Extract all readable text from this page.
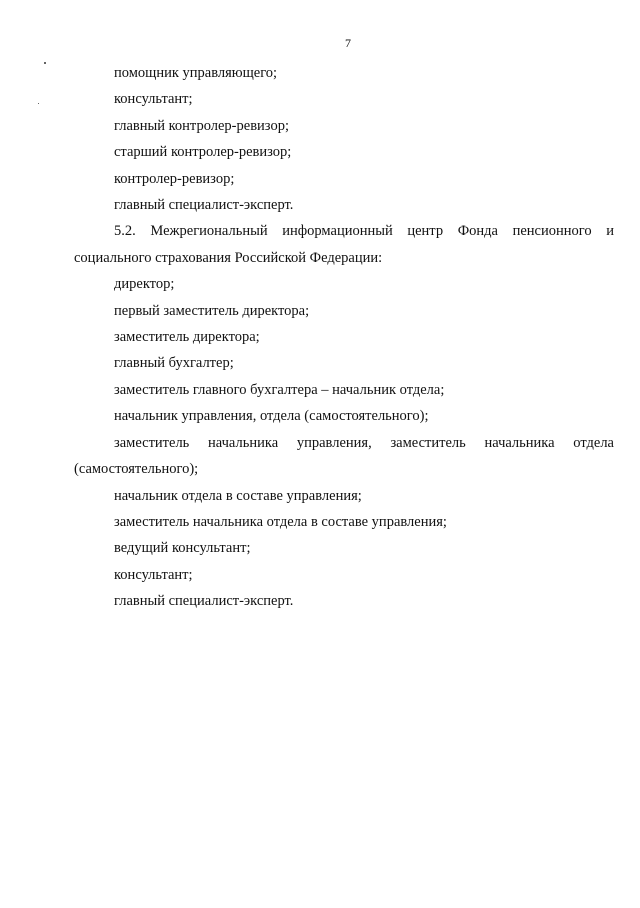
7
помощник управляющего;
консультант;
главный контролер-ревизор;
старший контролер-ревизор;
контролер-ревизор;
главный специалист-эксперт.
5.2. Межрегиональный информационный центр Фонда пенсионного и социального страхования Российской Федерации:
директор;
первый заместитель директора;
заместитель директора;
главный бухгалтер;
заместитель главного бухгалтера – начальник отдела;
начальник управления, отдела (самостоятельного);
заместитель начальника управления, заместитель начальника отдела (самостоятельного);
начальник отдела в составе управления;
заместитель начальника отдела в составе управления;
ведущий консультант;
консультант;
главный специалист-эксперт.
